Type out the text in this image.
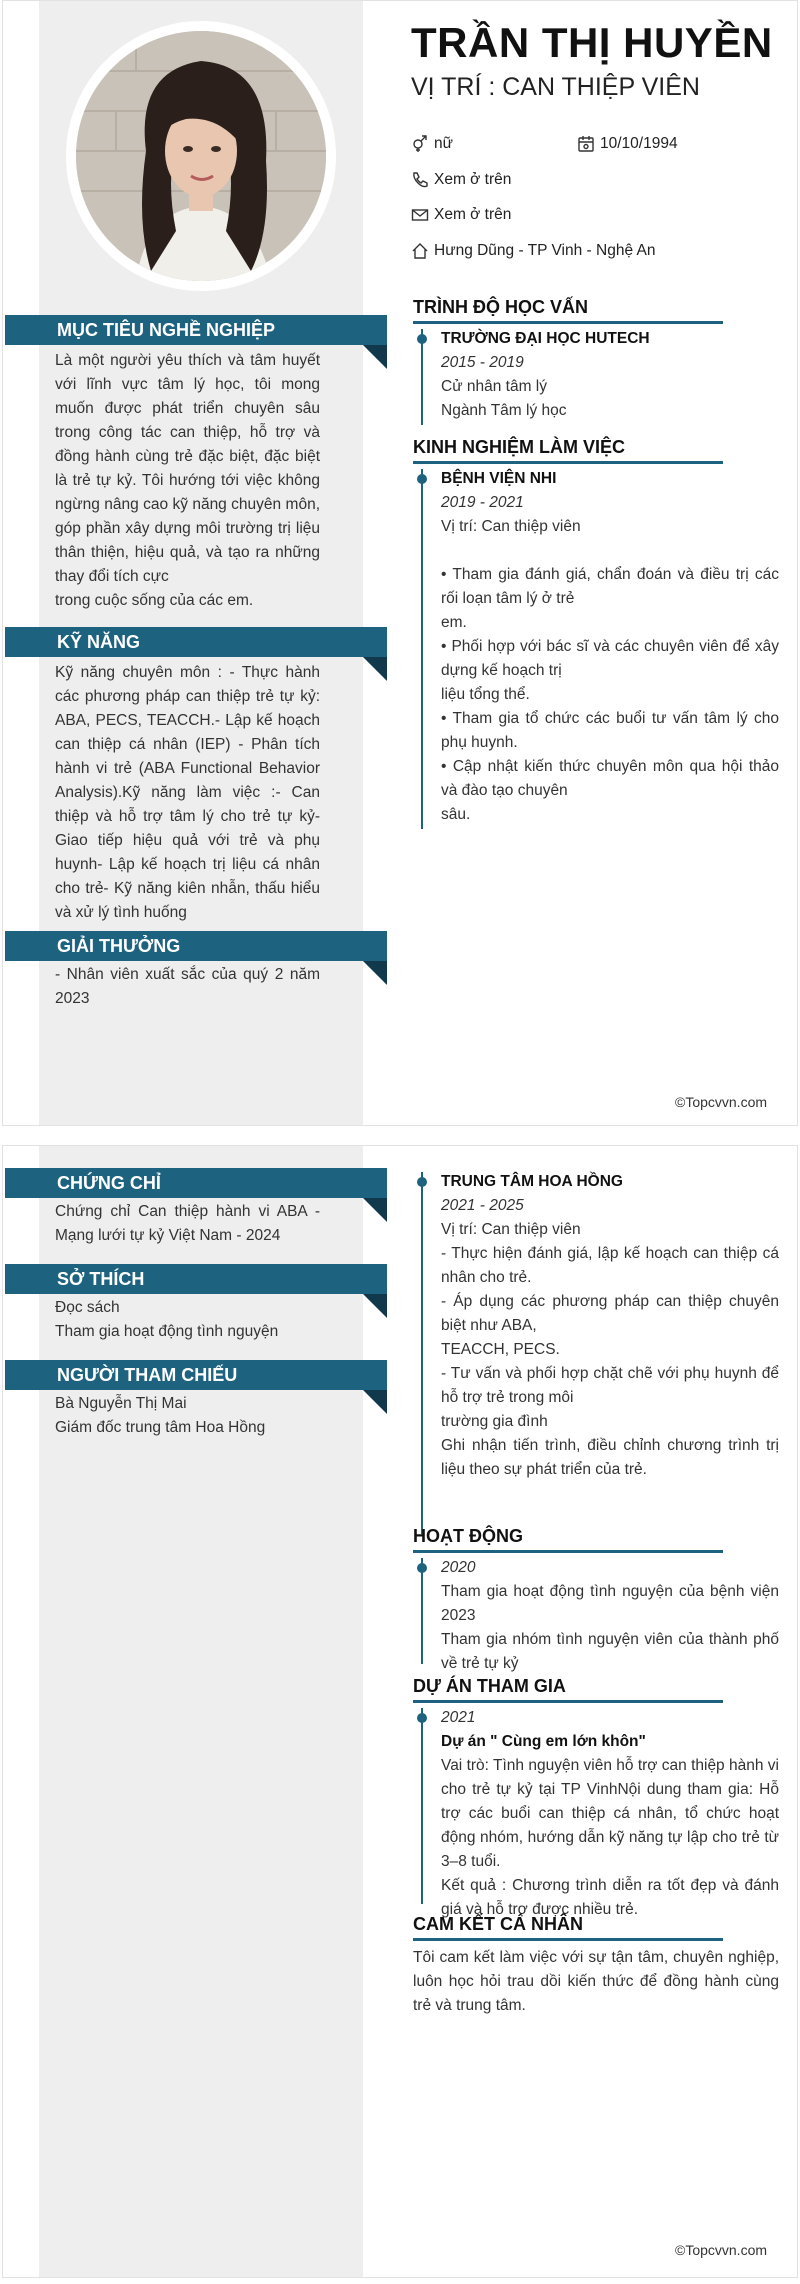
TRẦN THỊ HUYỀN
VỊ TRÍ : CAN THIỆP VIÊN
nữ	10/10/1994
Xem ở trên
Xem ở trên
Hưng Dũng - TP Vinh - Nghệ An
MỤC TIÊU NGHỀ NGHIỆP
Là một người yêu thích và tâm huyết với lĩnh vực tâm lý học, tôi mong muốn được phát triển chuyên sâu trong công tác can thiệp, hỗ trợ và đồng hành cùng trẻ đặc biệt, đặc biệt là trẻ tự kỷ. Tôi hướng tới việc không ngừng nâng cao kỹ năng chuyên môn, góp phần xây dựng môi trường trị liệu thân thiện, hiệu quả, và tạo ra những thay đổi tích cực
trong cuộc sống của các em.
KỸ NĂNG
Kỹ năng chuyên môn : - Thực hành các phương pháp can thiệp trẻ tự kỷ: ABA, PECS, TEACCH.- Lập kế hoạch can thiệp cá nhân (IEP) - Phân tích hành vi trẻ (ABA Functional Behavior Analysis).Kỹ năng làm việc :- Can thiệp và hỗ trợ tâm lý cho trẻ tự kỷ- Giao tiếp hiệu quả với trẻ và phụ huynh- Lập kế hoạch trị liệu cá nhân cho trẻ- Kỹ năng kiên nhẫn, thấu hiểu và xử lý tình huống
GIẢI THƯỞNG
- Nhân viên xuất sắc của quý 2 năm 2023
TRÌNH ĐỘ HỌC VẤN
TRƯỜNG ĐẠI HỌC HUTECH
2015 - 2019
Cử nhân tâm lý
Ngành Tâm lý học
KINH NGHIỆM LÀM VIỆC
BỆNH VIỆN NHI
2019 - 2021
Vị trí: Can thiệp viên

• Tham gia đánh giá, chẩn đoán và điều trị các rối loạn tâm lý ở trẻ
em.
• Phối hợp với bác sĩ và các chuyên viên để xây dựng kế hoạch trị
liệu tổng thể.
• Tham gia tổ chức các buổi tư vấn tâm lý cho phụ huynh.
• Cập nhật kiến thức chuyên môn qua hội thảo và đào tạo chuyên
sâu.
©Topcvvn.com
CHỨNG CHỈ
Chứng chỉ Can thiệp hành vi ABA - Mạng lưới tự kỷ Việt Nam - 2024
SỞ THÍCH
Đọc sách
Tham gia hoạt động tình nguyện
NGƯỜI THAM CHIẾU
Bà Nguyễn Thị Mai
Giám đốc trung tâm Hoa Hồng
TRUNG TÂM HOA HỒNG
2021 - 2025
Vị trí: Can thiệp viên
- Thực hiện đánh giá, lập kế hoạch can thiệp cá nhân cho trẻ.
- Áp dụng các phương pháp can thiệp chuyên biệt như ABA,
TEACCH, PECS.
- Tư vấn và phối hợp chặt chẽ với phụ huynh để hỗ trợ trẻ trong môi
trường gia đình
Ghi nhận tiến trình, điều chỉnh chương trình trị liệu theo sự phát triển của trẻ.
HOẠT ĐỘNG
2020
Tham gia hoạt động tình nguyện của bệnh viện 2023
Tham gia nhóm tình nguyện viên của thành phố về trẻ tự kỷ
DỰ ÁN THAM GIA
2021
Dự án " Cùng em lớn khôn"
Vai trò: Tình nguyện viên hỗ trợ can thiệp hành vi cho trẻ tự kỷ tại TP VinhNội dung tham gia: Hỗ trợ các buổi can thiệp cá nhân, tổ chức hoạt động nhóm, hướng dẫn kỹ năng tự lập cho trẻ từ 3–8 tuổi.
Kết quả : Chương trình diễn ra tốt đẹp và đánh giá và hỗ trợ được nhiều trẻ.
CAM KẾT CÁ NHÂN
Tôi cam kết làm việc với sự tận tâm, chuyên nghiệp, luôn học hỏi trau dồi kiến thức để đồng hành cùng trẻ và trung tâm.
©Topcvvn.com
